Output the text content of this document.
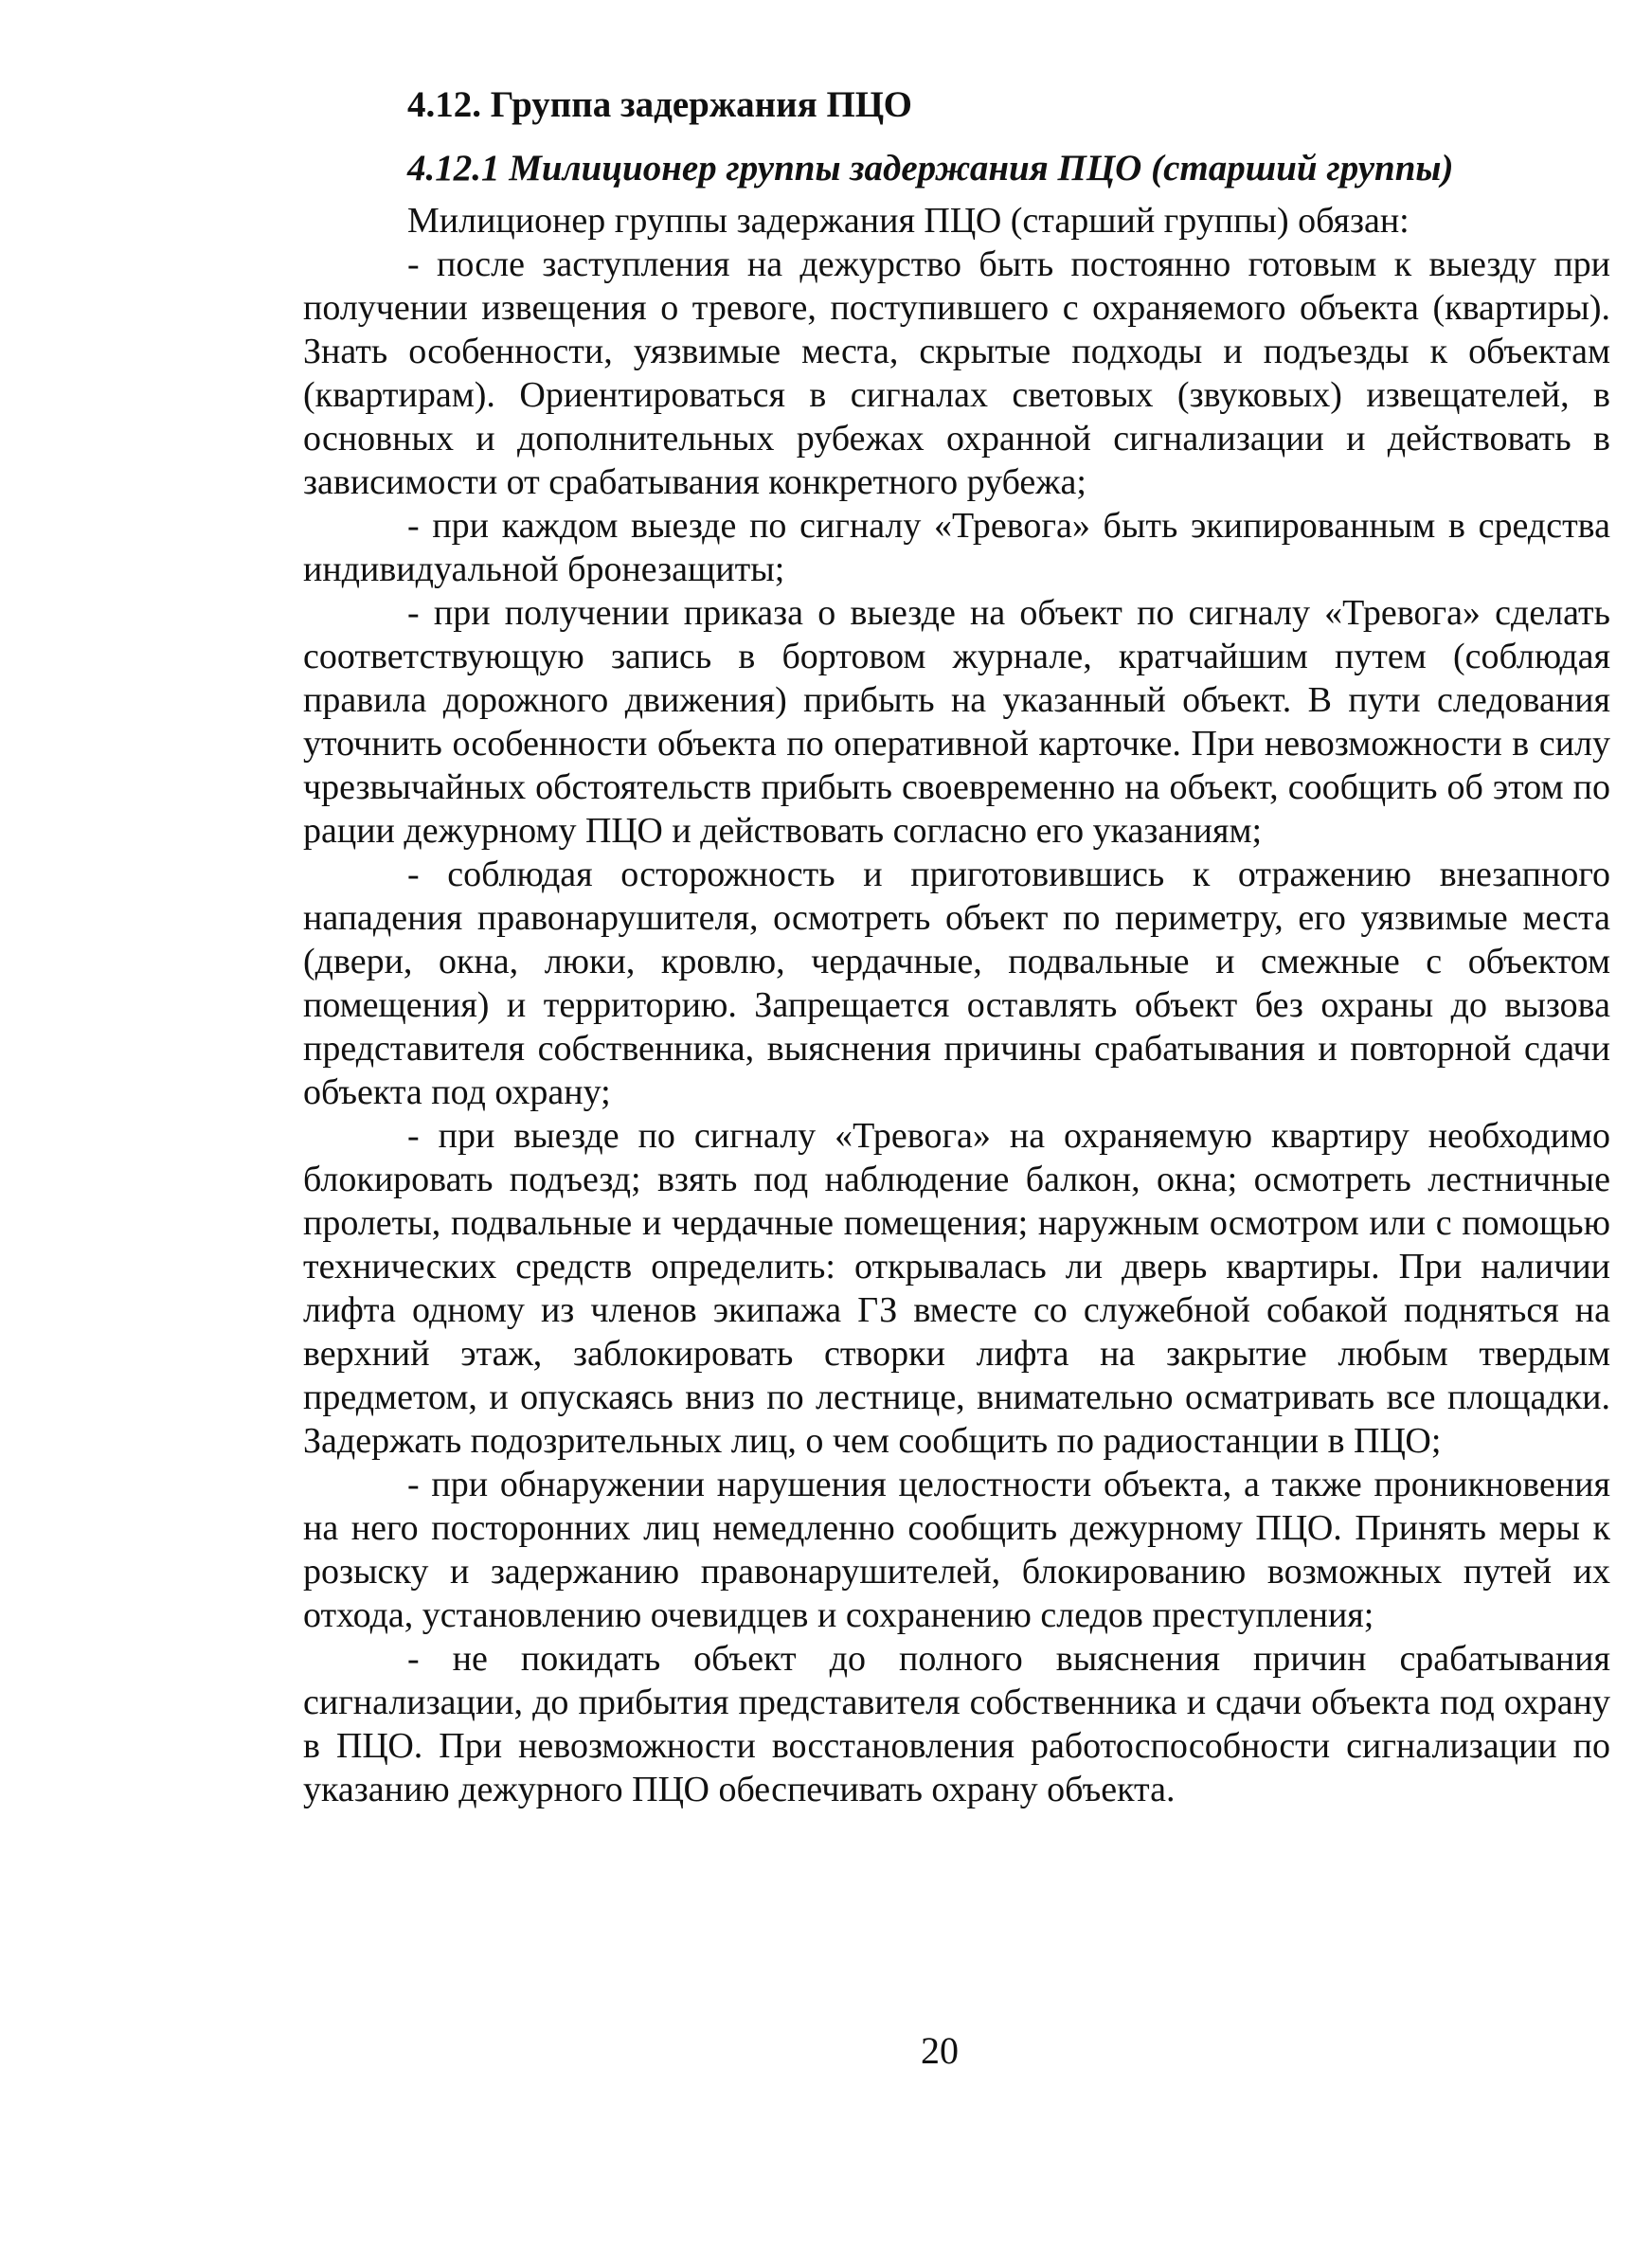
4.12. Группа задержания ПЦО
4.12.1 Милиционер группы задержания ПЦО (старший группы)

Милиционер группы задержания ПЦО (старший группы) обязан:

- после заступления на дежурство быть постоянно готовым к выезду при получении извещения о тревоге, поступившего с охраняемого объекта (квартиры). Знать особенности, уязвимые места, скрытые подходы и подъезды к объектам (квартирам). Ориентироваться в сигналах световых (звуковых) извещателей, в основных и дополнительных рубежах охранной сигнализации и действовать в зависимости от срабатывания конкретного рубежа;

- при каждом выезде по сигналу «Тревога» быть экипированным в средства индивидуальной бронезащиты;

- при получении приказа о выезде на объект по сигналу «Тревога» сделать соответствующую запись в бортовом журнале, кратчайшим путем (соблюдая правила дорожного движения) прибыть на указанный объект. В пути следования уточнить особенности объекта по оперативной карточке. При невозможности в силу чрезвычайных обстоятельств прибыть своевременно на объект, сообщить об этом по рации дежурному ПЦО и действовать согласно его указаниям;

- соблюдая осторожность и приготовившись к отражению внезапного нападения правонарушителя, осмотреть объект по периметру, его уязвимые места (двери, окна, люки, кровлю, чердачные, подвальные и смежные с объектом помещения) и территорию. Запрещается оставлять объект без охраны до вызова представителя собственника, выяснения причины срабатывания и повторной сдачи объекта под охрану;

- при выезде по сигналу «Тревога» на охраняемую квартиру необходимо блокировать подъезд; взять под наблюдение балкон, окна; осмотреть лестничные пролеты, подвальные и чердачные помещения; наружным осмотром или с помощью технических средств определить: открывалась ли дверь квартиры. При наличии лифта одному из членов экипажа ГЗ вместе со служебной собакой подняться на верхний этаж, заблокировать створки лифта на закрытие любым твердым предметом, и опускаясь вниз по лестнице, внимательно осматривать все площадки. Задержать подозрительных лиц, о чем сообщить по радиостанции в ПЦО;

- при обнаружении нарушения целостности объекта, а также проникновения на него посторонних лиц немедленно сообщить дежурному ПЦО. Принять меры к розыску и задержанию правонарушителей, блокированию возможных путей их отхода, установлению очевидцев и сохранению следов преступления;

- не покидать объект до полного выяснения причин срабатывания сигнализации, до прибытия представителя собственника и сдачи объекта под охрану в ПЦО. При невозможности восстановления работоспособности сигнализации по указанию дежурного ПЦО обеспечивать охрану объекта.

20
